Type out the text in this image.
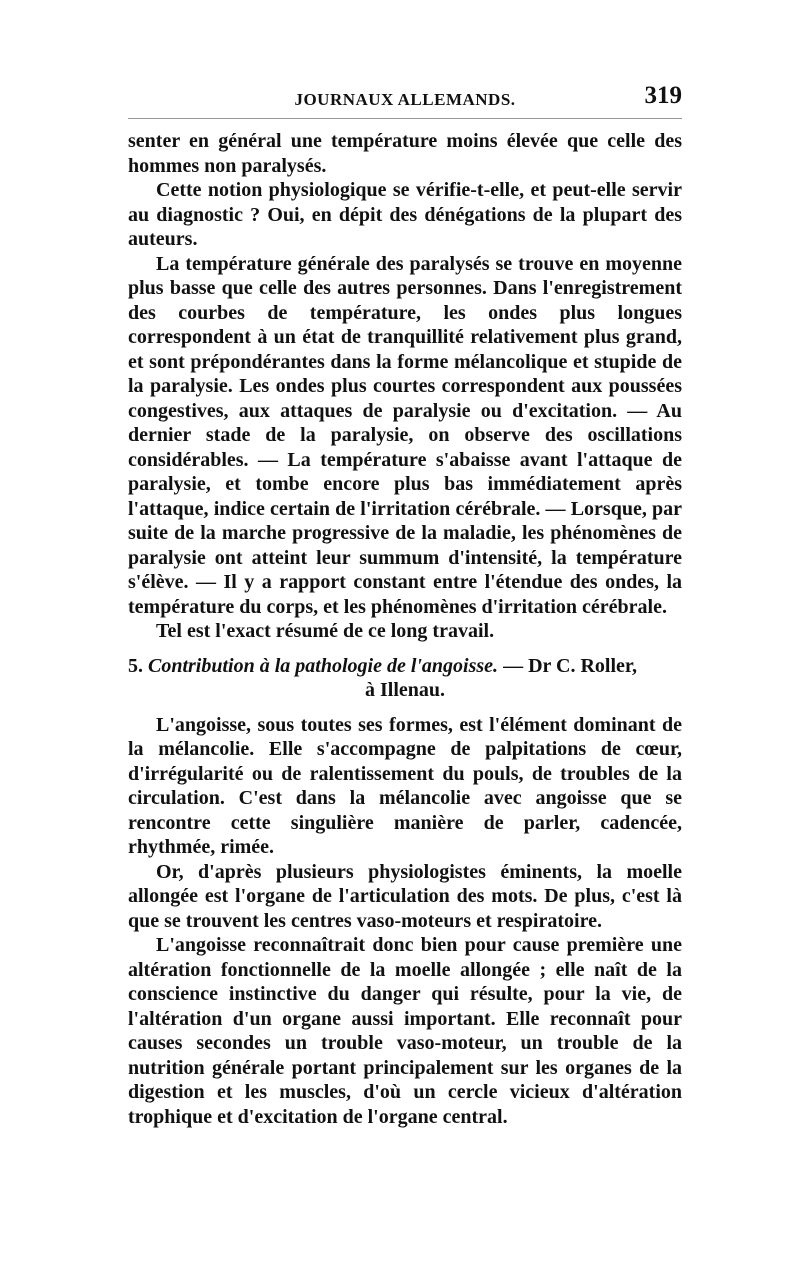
JOURNAUX ALLEMANDS.	319

senter en général une température moins élevée que celle des hommes non paralysés.

Cette notion physiologique se vérifie-t-elle, et peut-elle servir au diagnostic ? Oui, en dépit des dénégations de la plupart des auteurs.

La température générale des paralysés se trouve en moyenne plus basse que celle des autres personnes. Dans l'enregistrement des courbes de température, les ondes plus longues correspondent à un état de tranquillité relativement plus grand, et sont prépondérantes dans la forme mélancolique et stupide de la paralysie. Les ondes plus courtes correspondent aux poussées congestives, aux attaques de paralysie ou d'excitation. — Au dernier stade de la paralysie, on observe des oscillations considérables. — La température s'abaisse avant l'attaque de paralysie, et tombe encore plus bas immédiatement après l'attaque, indice certain de l'irritation cérébrale. — Lorsque, par suite de la marche progressive de la maladie, les phénomènes de paralysie ont atteint leur summum d'intensité, la température s'élève. — Il y a rapport constant entre l'étendue des ondes, la température du corps, et les phénomènes d'irritation cérébrale.

Tel est l'exact résumé de ce long travail.

5. Contribution à la pathologie de l'angoisse. — Dr C. Roller,
à Illenau.

L'angoisse, sous toutes ses formes, est l'élément dominant de la mélancolie. Elle s'accompagne de palpitations de cœur, d'irrégularité ou de ralentissement du pouls, de troubles de la circulation. C'est dans la mélancolie avec angoisse que se rencontre cette singulière manière de parler, cadencée, rhythmée, rimée.

Or, d'après plusieurs physiologistes éminents, la moelle allongée est l'organe de l'articulation des mots. De plus, c'est là que se trouvent les centres vaso-moteurs et respiratoire.

L'angoisse reconnaîtrait donc bien pour cause première une altération fonctionnelle de la moelle allongée ; elle naît de la conscience instinctive du danger qui résulte, pour la vie, de l'altération d'un organe aussi important. Elle reconnaît pour causes secondes un trouble vaso-moteur, un trouble de la nutrition générale portant principalement sur les organes de la digestion et les muscles, d'où un cercle vicieux d'altération trophique et d'excitation de l'organe central.
